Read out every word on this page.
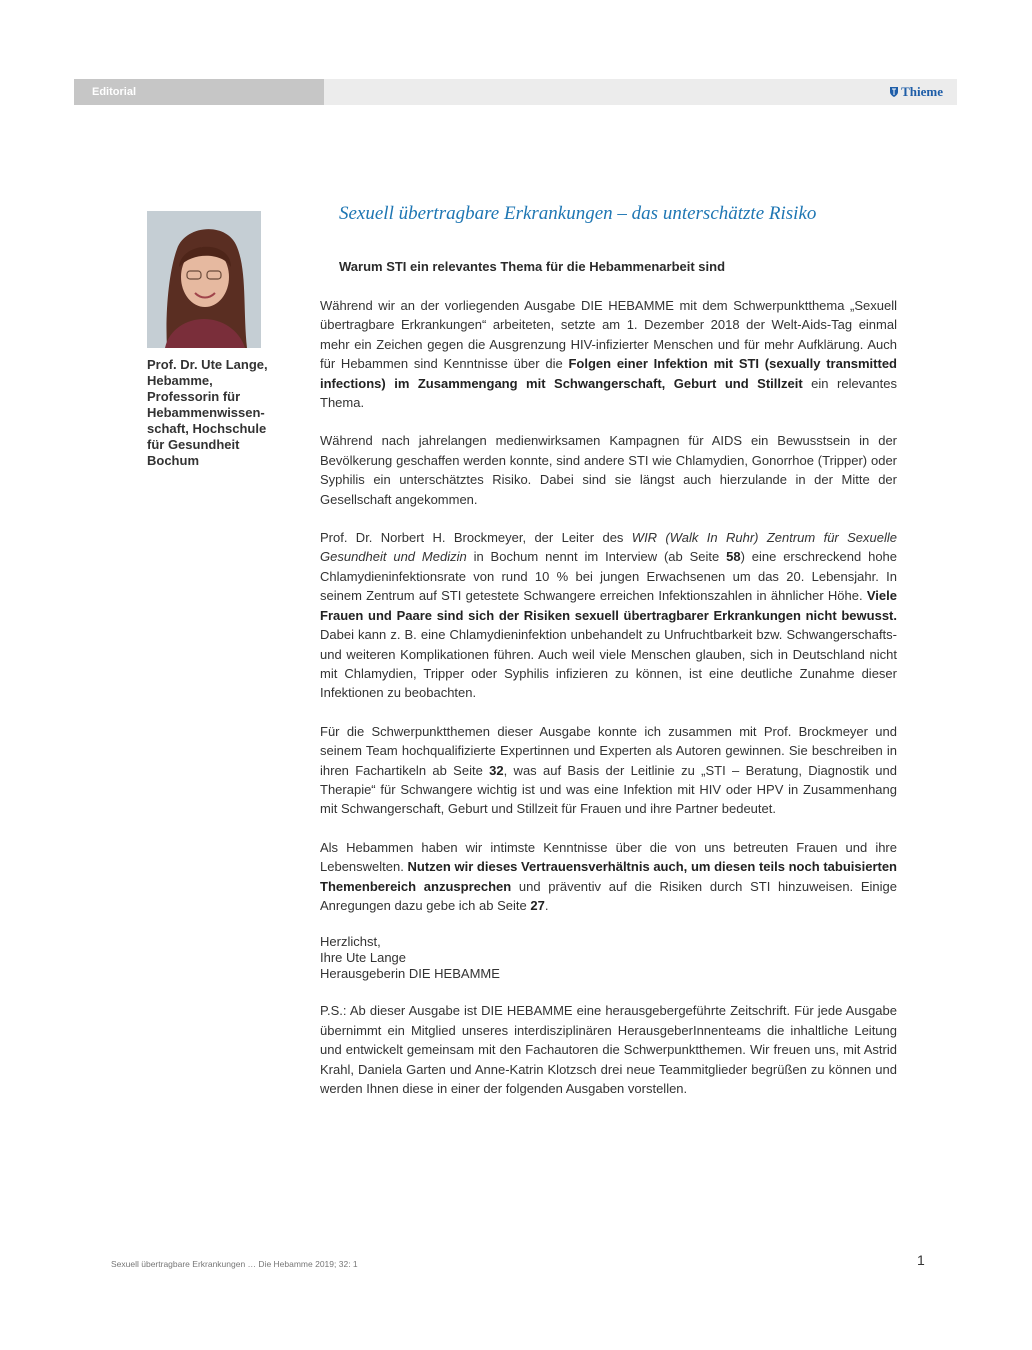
Editorial	Thieme
Prof. Dr. Ute Lange,
Hebamme,
Professorin für
Hebammenwissen-
schaft, Hochschule
für Gesundheit
Bochum
Sexuell übertragbare Erkrankungen – das unterschätzte Risiko
Warum STI ein relevantes Thema für die Hebammenarbeit sind

Während wir an der vorliegenden Ausgabe DIE HEBAMME mit dem Schwerpunktthema „Sexuell übertragbare Erkrankungen“ arbeiteten, setzte am 1. Dezember 2018 der Welt-Aids-Tag einmal mehr ein Zeichen gegen die Ausgrenzung HIV-infizierter Menschen und für mehr Aufklärung. Auch für Hebammen sind Kenntnisse über die Folgen einer Infektion mit STI (sexually transmitted infections) im Zusammengang mit Schwangerschaft, Geburt und Stillzeit ein relevantes Thema.

Während nach jahrelangen medienwirksamen Kampagnen für AIDS ein Bewusstsein in der Bevölkerung geschaffen werden konnte, sind andere STI wie Chlamydien, Gonorrhoe (Tripper) oder Syphilis ein unterschätztes Risiko. Dabei sind sie längst auch hierzulande in der Mitte der Gesellschaft angekommen.

Prof. Dr. Norbert H. Brockmeyer, der Leiter des WIR (Walk In Ruhr) Zentrum für Sexuelle Gesundheit und Medizin in Bochum nennt im Interview (ab Seite 58) eine erschreckend hohe Chlamydieninfektionsrate von rund 10 % bei jungen Erwachsenen um das 20. Lebensjahr. In seinem Zentrum auf STI getestete Schwangere erreichen Infektionszahlen in ähnlicher Höhe. Viele Frauen und Paare sind sich der Risiken sexuell übertragbarer Erkrankungen nicht bewusst. Dabei kann z. B. eine Chlamydieninfektion unbehandelt zu Unfruchtbarkeit bzw. Schwangerschafts- und weiteren Komplikationen führen. Auch weil viele Menschen glauben, sich in Deutschland nicht mit Chlamydien, Tripper oder Syphilis infizieren zu können, ist eine deutliche Zunahme dieser Infektionen zu beobachten.

Für die Schwerpunktthemen dieser Ausgabe konnte ich zusammen mit Prof. Brockmeyer und seinem Team hochqualifizierte Expertinnen und Experten als Autoren gewinnen. Sie beschreiben in ihren Fachartikeln ab Seite 32, was auf Basis der Leitlinie zu „STI – Beratung, Diagnostik und Therapie“ für Schwangere wichtig ist und was eine Infektion mit HIV oder HPV in Zusammenhang mit Schwangerschaft, Geburt und Stillzeit für Frauen und ihre Partner bedeutet.

Als Hebammen haben wir intimste Kenntnisse über die von uns betreuten Frauen und ihre Lebenswelten. Nutzen wir dieses Vertrauensverhältnis auch, um diesen teils noch tabuisierten Themenbereich anzusprechen und präventiv auf die Risiken durch STI hinzuweisen. Einige Anregungen dazu gebe ich ab Seite 27.

Herzlichst,
Ihre Ute Lange
Herausgeberin DIE HEBAMME

P.S.: Ab dieser Ausgabe ist DIE HEBAMME eine herausgebergeführte Zeitschrift. Für jede Ausgabe übernimmt ein Mitglied unseres interdisziplinären HerausgeberInnenteams die inhaltliche Leitung und entwickelt gemeinsam mit den Fachautoren die Schwerpunktthemen. Wir freuen uns, mit Astrid Krahl, Daniela Garten und Anne-Katrin Klotzsch drei neue Teammitglieder begrüßen zu können und werden Ihnen diese in einer der folgenden Ausgaben vorstellen.

Sexuell übertragbare Erkrankungen … Die Hebamme 2019; 32: 1	1
